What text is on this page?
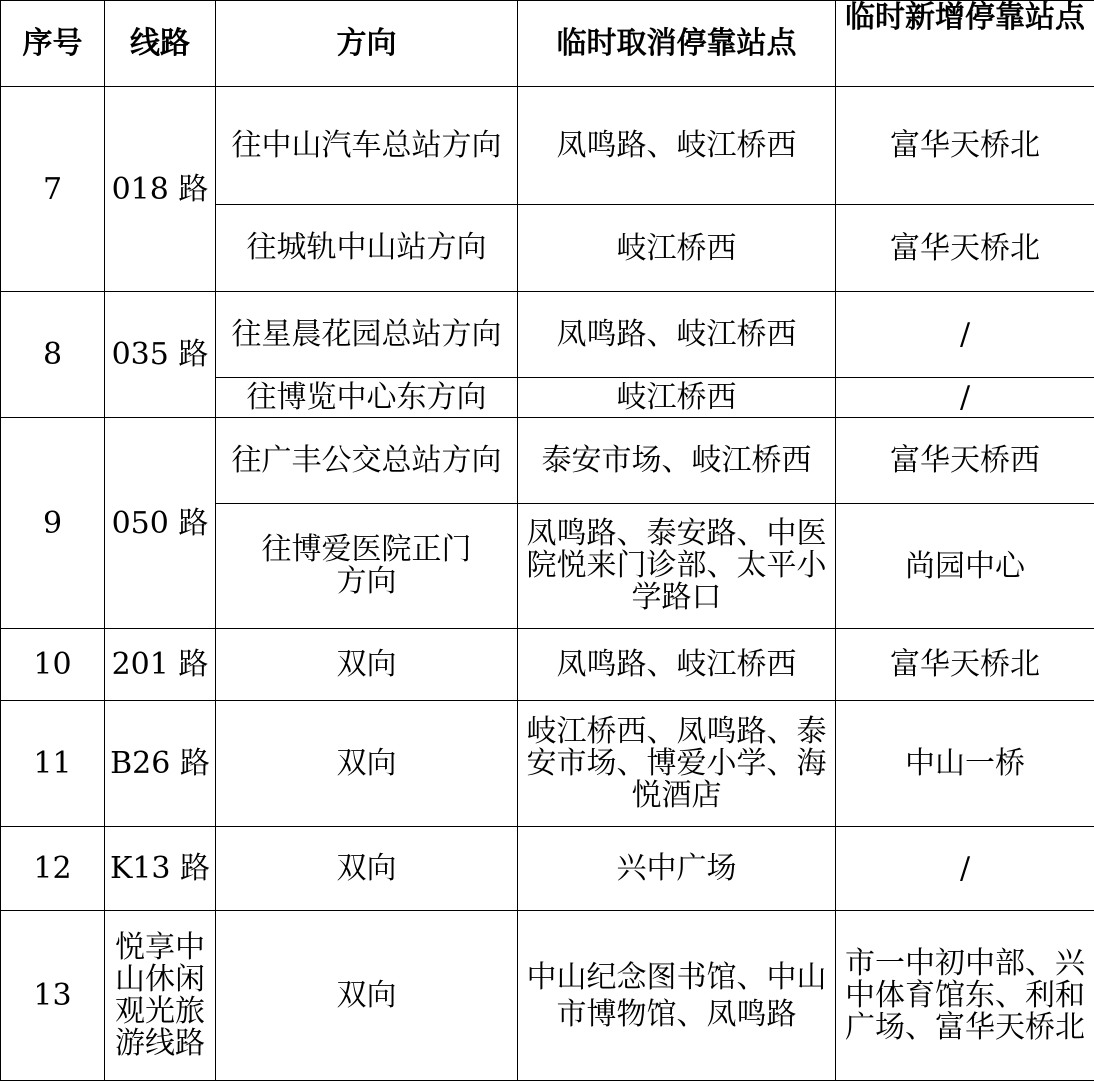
序号	线路	方向	临时取消停靠站点	临时新增停靠站点
7	018 路	往中山汽车总站方向	凤鸣路、岐江桥西	富华天桥北
		往城轨中山站方向	岐江桥西	富华天桥北
8	035 路	往星晨花园总站方向	凤鸣路、岐江桥西	/
		往博览中心东方向	岐江桥西	/
9	050 路	往广丰公交总站方向	泰安市场、岐江桥西	富华天桥西
		往博爱医院正门方向	凤鸣路、泰安路、中医院悦来门诊部、太平小学路口	尚园中心
10	201 路	双向	凤鸣路、岐江桥西	富华天桥北
11	B26 路	双向	岐江桥西、凤鸣路、泰安市场、博爱小学、海悦酒店	中山一桥
12	K13 路	双向	兴中广场	/
13	悦享中山休闲观光旅游线路	双向	中山纪念图书馆、中山市博物馆、凤鸣路	市一中初中部、兴中体育馆东、利和广场、富华天桥北
